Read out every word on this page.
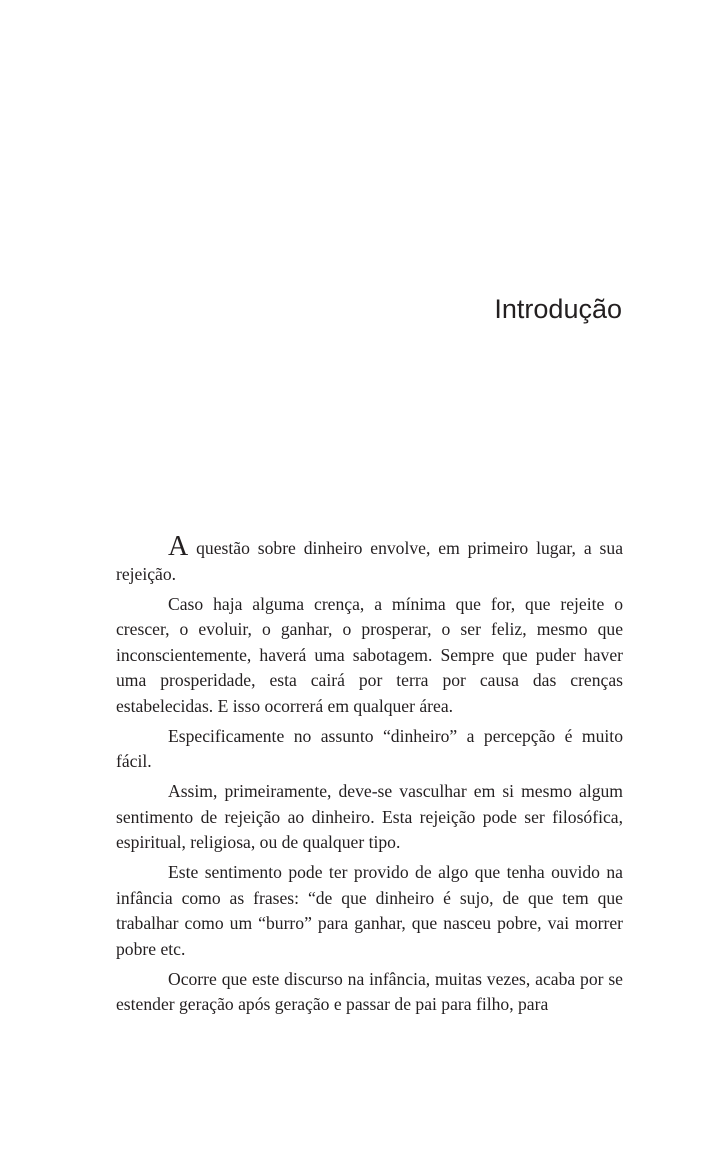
Introdução

A questão sobre dinheiro envolve, em primeiro lugar, a sua rejeição.

Caso haja alguma crença, a mínima que for, que rejeite o crescer, o evoluir, o ganhar, o prosperar, o ser feliz, mesmo que inconscientemente, haverá uma sabotagem. Sempre que puder haver uma prosperidade, esta cairá por terra por causa das crenças estabelecidas. E isso ocorrerá em qualquer área.

Especificamente no assunto “dinheiro” a percepção é muito fácil.

Assim, primeiramente, deve-se vasculhar em si mesmo algum sentimento de rejeição ao dinheiro. Esta rejeição pode ser filosófica, espiritual, religiosa, ou de qualquer tipo.

Este sentimento pode ter provido de algo que tenha ouvido na infância como as frases: “de que dinheiro é sujo, de que tem que trabalhar como um “burro” para ganhar, que nasceu pobre, vai morrer pobre etc.

Ocorre que este discurso na infância, muitas vezes, acaba por se estender geração após geração e passar de pai para filho, para
